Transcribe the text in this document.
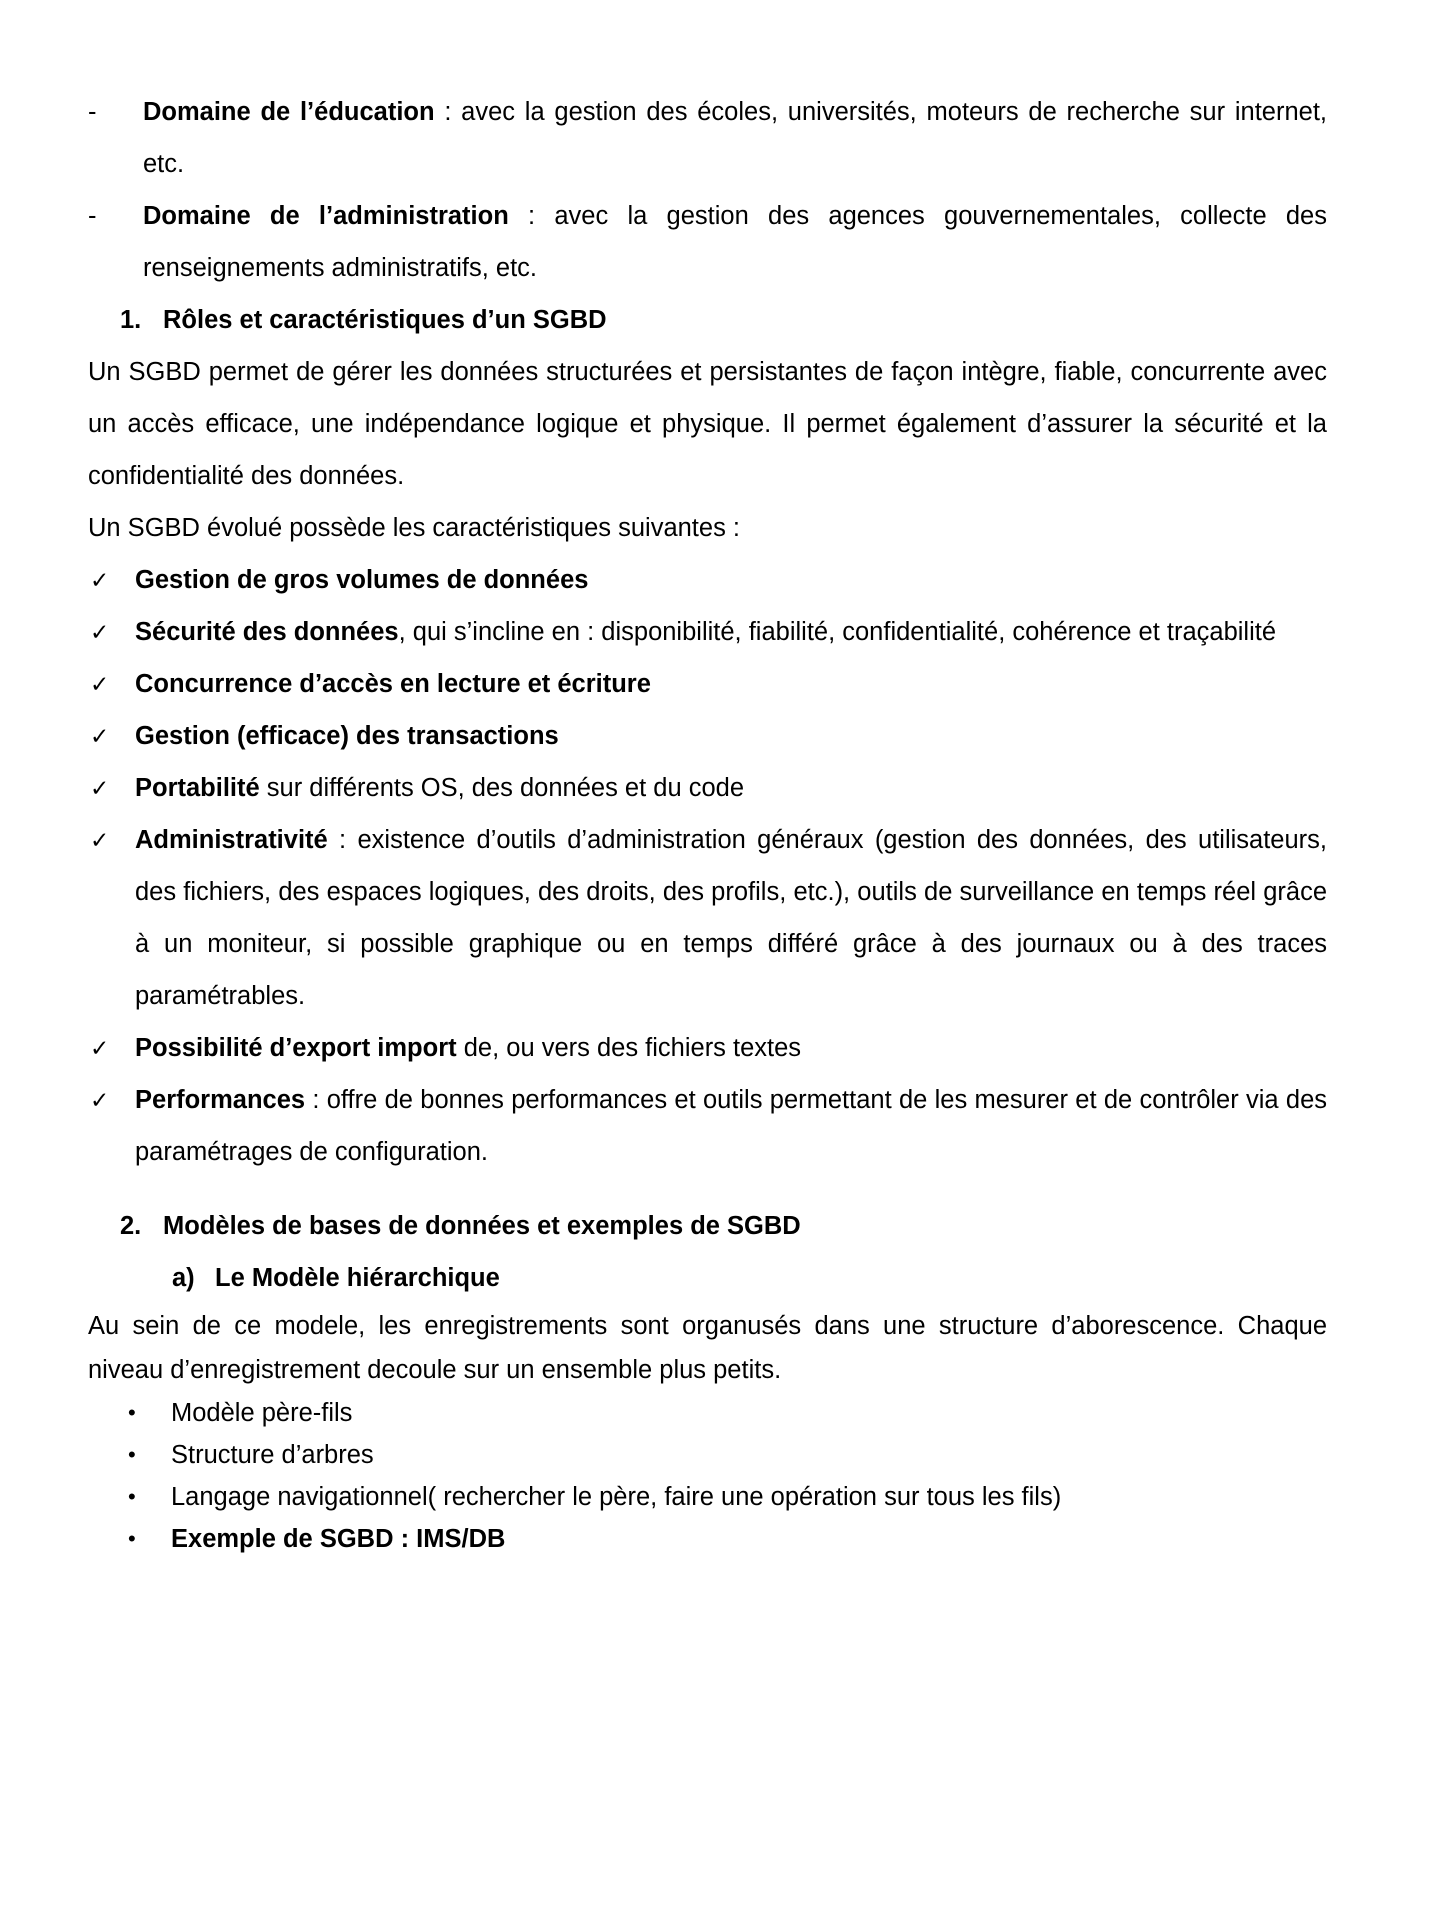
-	Domaine de l’éducation : avec la gestion des écoles, universités, moteurs de recherche sur internet, etc.
-	Domaine de l’administration : avec la gestion des agences gouvernementales, collecte des renseignements administratifs, etc.

1. Rôles et caractéristiques d’un SGBD

Un SGBD permet de gérer les données structurées et persistantes de façon intègre, fiable, concurrente avec un accès efficace, une indépendance logique et physique. Il permet également d’assurer la sécurité et la confidentialité des données.

Un SGBD évolué possède les caractéristiques suivantes :

✓ Gestion de gros volumes de données
✓ Sécurité des données, qui s’incline en : disponibilité, fiabilité, confidentialité, cohérence et traçabilité
✓ Concurrence d’accès en lecture et écriture
✓ Gestion (efficace) des transactions
✓ Portabilité sur différents OS, des données et du code
✓ Administrativité : existence d’outils d’administration généraux (gestion des données, des utilisateurs, des fichiers, des espaces logiques, des droits, des profils, etc.), outils de surveillance en temps réel grâce à un moniteur, si possible graphique ou en temps différé grâce à des journaux ou à des traces paramétrables.
✓ Possibilité d’export import de, ou vers des fichiers textes
✓ Performances : offre de bonnes performances et outils permettant de les mesurer et de contrôler via des paramétrages de configuration.

2. Modèles de bases de données et exemples de SGBD

a) Le Modèle hiérarchique

Au sein de ce modele, les enregistrements sont organusés dans une structure d’aborescence. Chaque niveau d’enregistrement decoule sur un ensemble plus petits.

• Modèle père-fils
• Structure d’arbres
• Langage navigationnel( rechercher le père, faire une opération sur tous les fils)
• Exemple de SGBD : IMS/DB
